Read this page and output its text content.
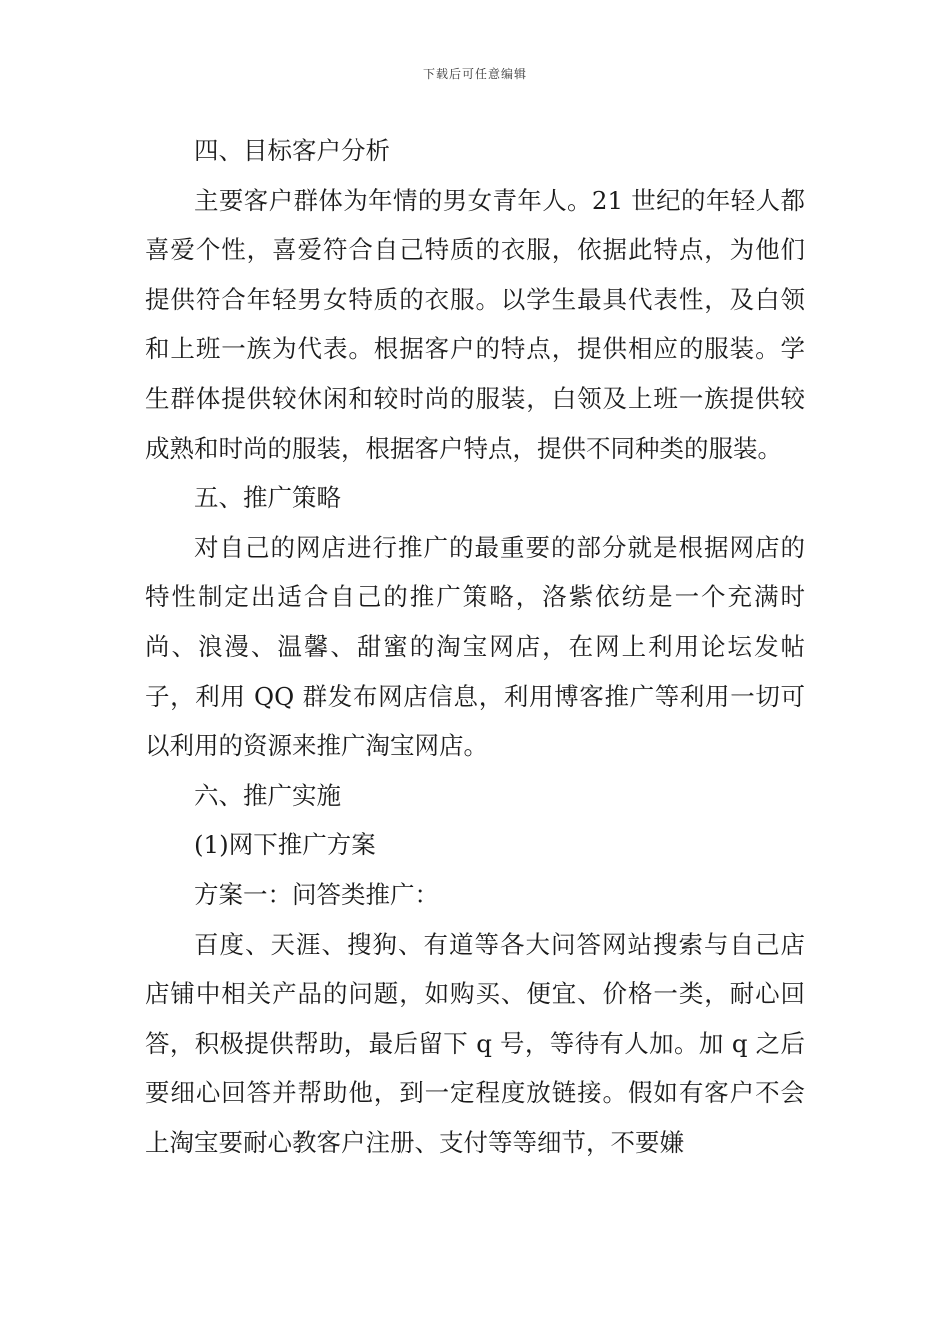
下载后可任意编辑

四、目标客户分析

主要客户群体为年情的男女青年人。21 世纪的年轻人都喜爱个性，喜爱符合自己特质的衣服，依据此特点，为他们提供符合年轻男女特质的衣服。以学生最具代表性，及白领和上班一族为代表。根据客户的特点，提供相应的服装。学生群体提供较休闲和较时尚的服装，白领及上班一族提供较成熟和时尚的服装，根据客户特点，提供不同种类的服装。

五、推广策略

对自己的网店进行推广的最重要的部分就是根据网店的特性制定出适合自己的推广策略，洛紫依纺是一个充满时尚、浪漫、温馨、甜蜜的淘宝网店，在网上利用论坛发帖子，利用 QQ 群发布网店信息，利用博客推广等利用一切可以利用的资源来推广淘宝网店。

六、推广实施

(1)网下推广方案

方案一：问答类推广：

百度、天涯、搜狗、有道等各大问答网站搜索与自己店店铺中相关产品的问题，如购买、便宜、价格一类，耐心回答，积极提供帮助，最后留下 q 号，等待有人加。加 q 之后要细心回答并帮助他，到一定程度放链接。假如有客户不会上淘宝要耐心教客户注册、支付等等细节，不要嫌
